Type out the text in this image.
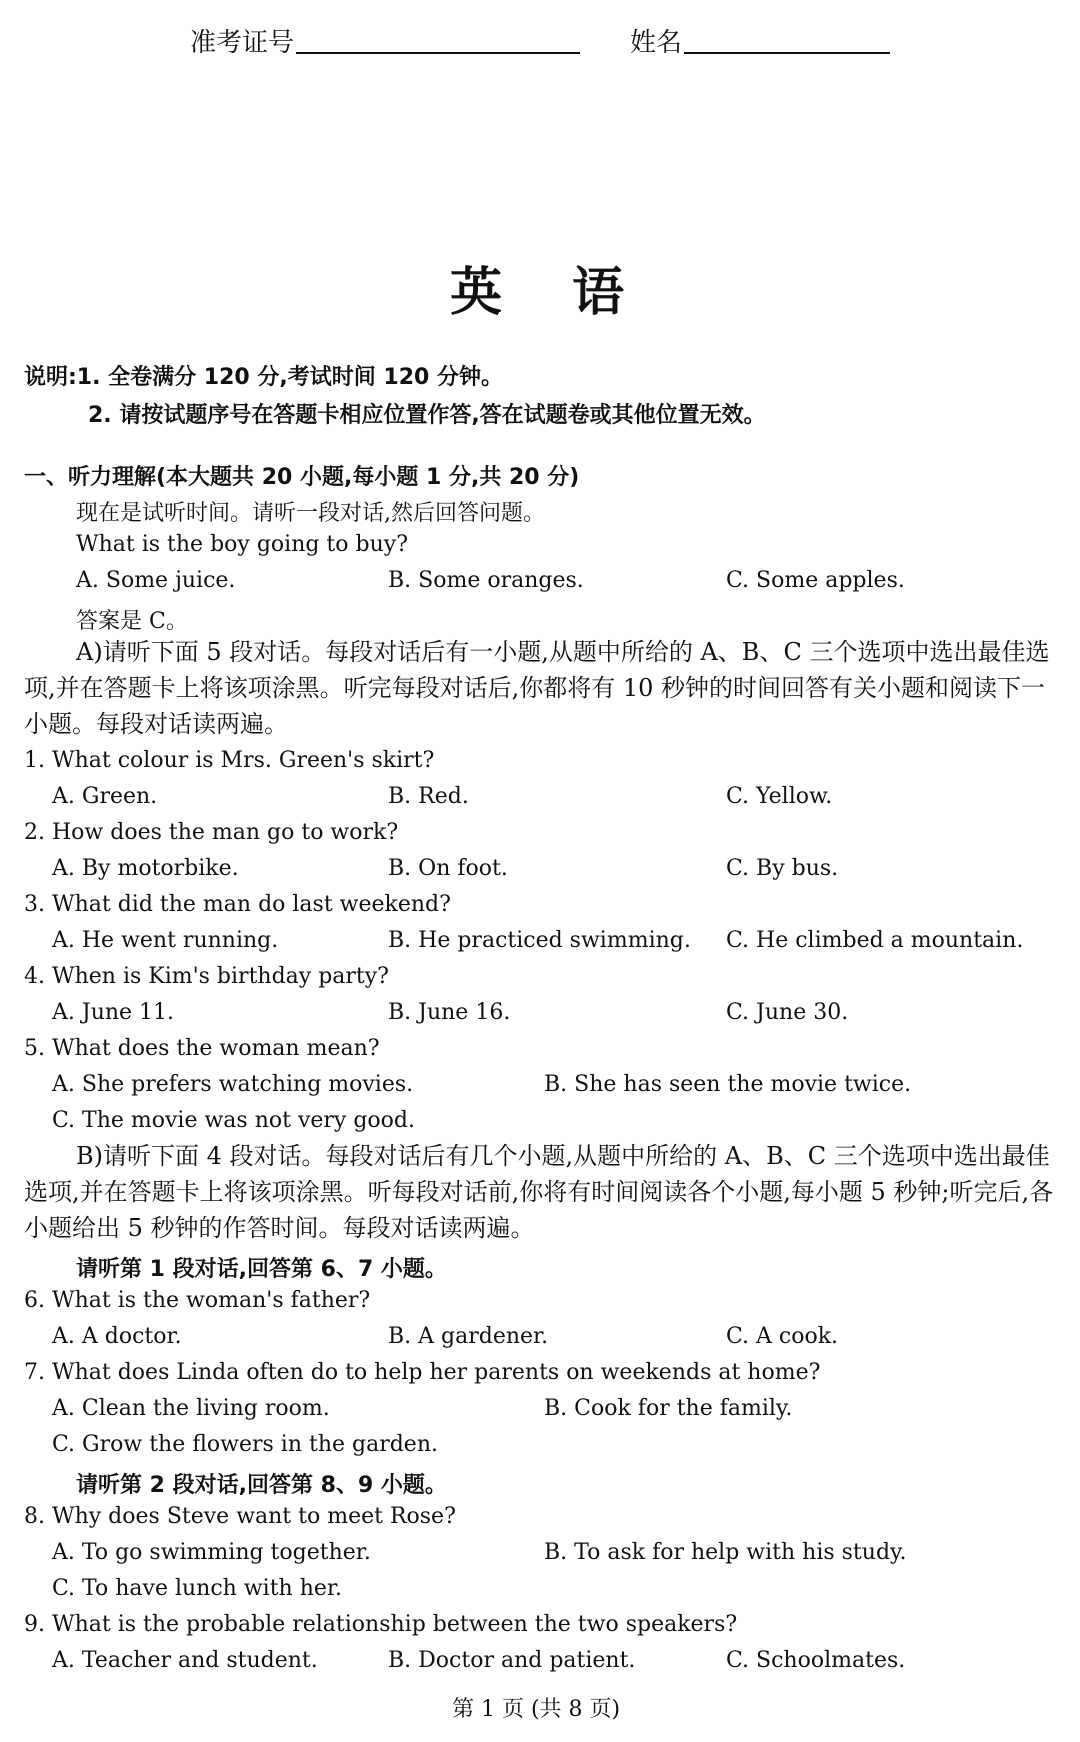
准考证号	姓名
英语
说明:1. 全卷满分 120 分,考试时间 120 分钟。
2. 请按试题序号在答题卡相应位置作答,答在试题卷或其他位置无效。
一、听力理解(本大题共 20 小题,每小题 1 分,共 20 分)
现在是试听时间。请听一段对话,然后回答问题。
What is the boy going to buy?
A. Some juice.	B. Some oranges.	C. Some apples.
答案是 C。
A)请听下面 5 段对话。每段对话后有一小题,从题中所给的 A、B、C 三个选项中选出最佳选项,并在答题卡上将该项涂黑。听完每段对话后,你都将有 10 秒钟的时间回答有关小题和阅读下一小题。每段对话读两遍。
1. What colour is Mrs. Green's skirt?
A. Green.	B. Red.	C. Yellow.
2. How does the man go to work?
A. By motorbike.	B. On foot.	C. By bus.
3. What did the man do last weekend?
A. He went running.	B. He practiced swimming. C. He climbed a mountain.
4. When is Kim's birthday party?
A. June 11.	B. June 16.	C. June 30.
5. What does the woman mean?
A. She prefers watching movies.	B. She has seen the movie twice.
C. The movie was not very good.
B)请听下面 4 段对话。每段对话后有几个小题,从题中所给的 A、B、C 三个选项中选出最佳选项,并在答题卡上将该项涂黑。听每段对话前,你将有时间阅读各个小题,每小题 5 秒钟;听完后,各小题给出 5 秒钟的作答时间。每段对话读两遍。
请听第 1 段对话,回答第 6、7 小题。
6. What is the woman's father?
A. A doctor.	B. A gardener.	C. A cook.
7. What does Linda often do to help her parents on weekends at home?
A. Clean the living room.	B. Cook for the family.
C. Grow the flowers in the garden.
请听第 2 段对话,回答第 8、9 小题。
8. Why does Steve want to meet Rose?
A. To go swimming together.	B. To ask for help with his study.
C. To have lunch with her.
9. What is the probable relationship between the two speakers?
A. Teacher and student.	B. Doctor and patient.	C. Schoolmates.
第 1 页 (共 8 页)
